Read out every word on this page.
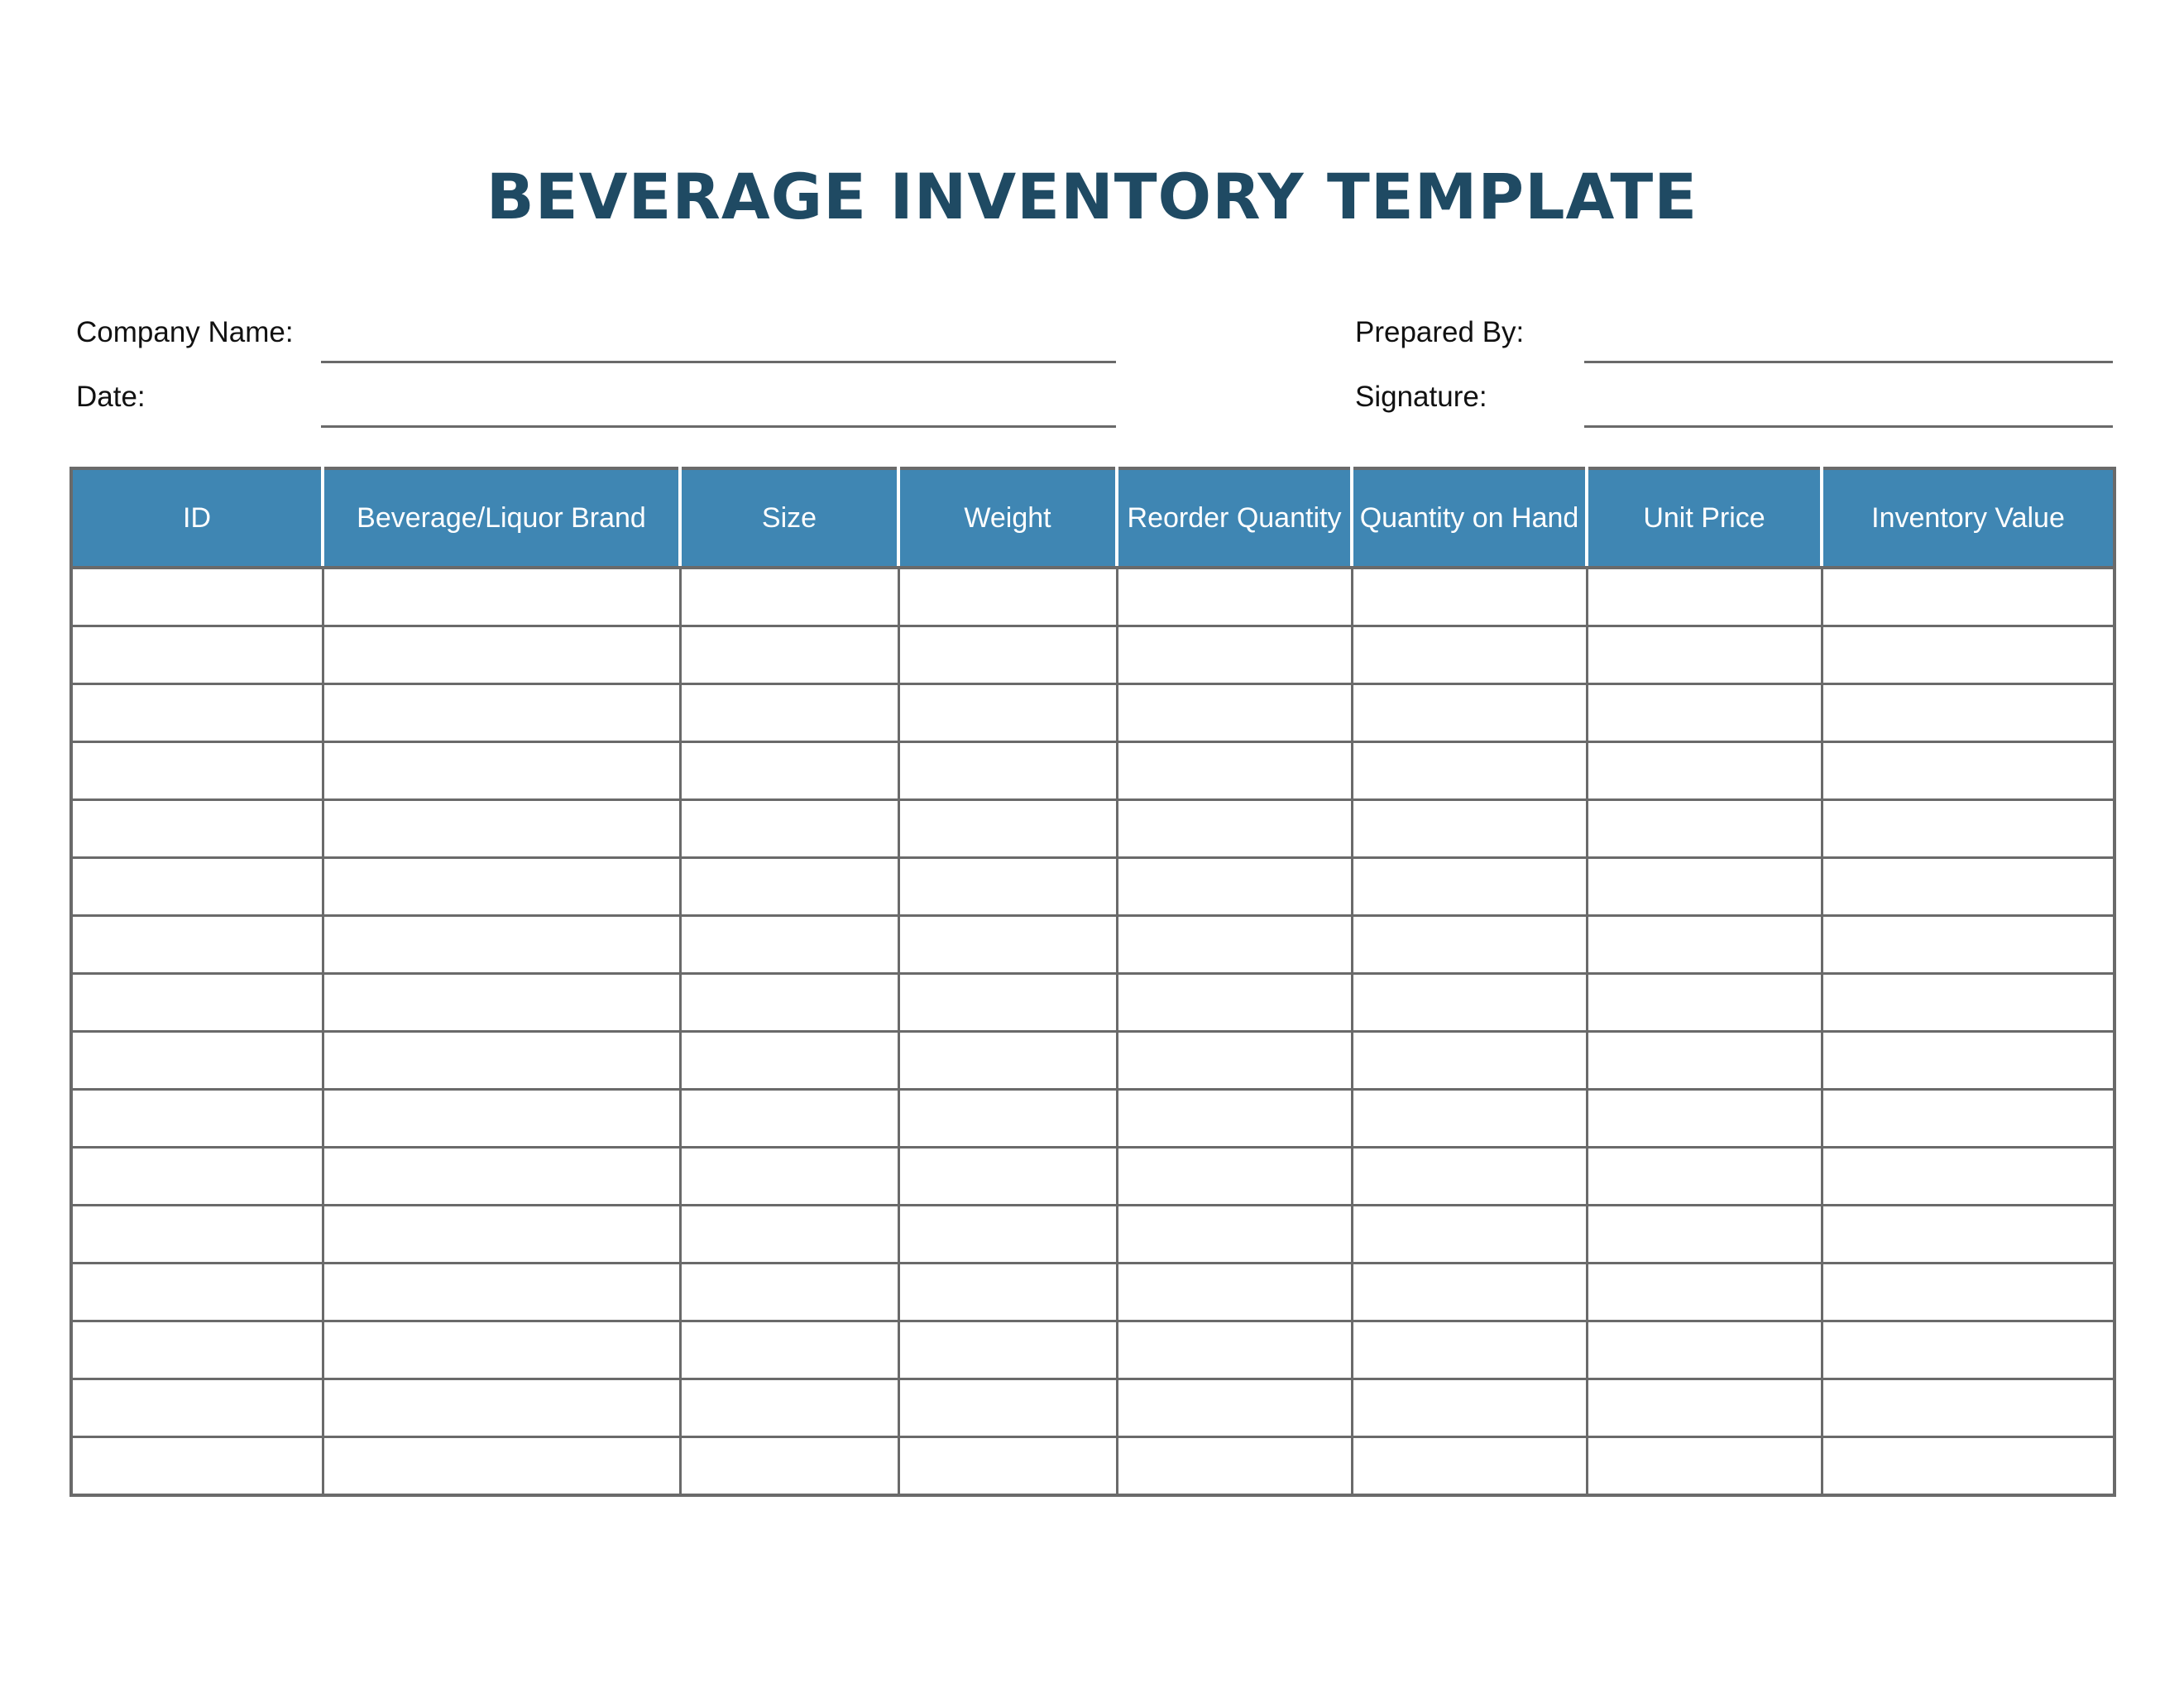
BEVERAGE INVENTORY TEMPLATE
Company Name:
Date:
Prepared By:
Signature:
ID	Beverage/Liquor Brand	Size	Weight	Reorder Quantity	Quantity on Hand	Unit Price	Inventory Value
